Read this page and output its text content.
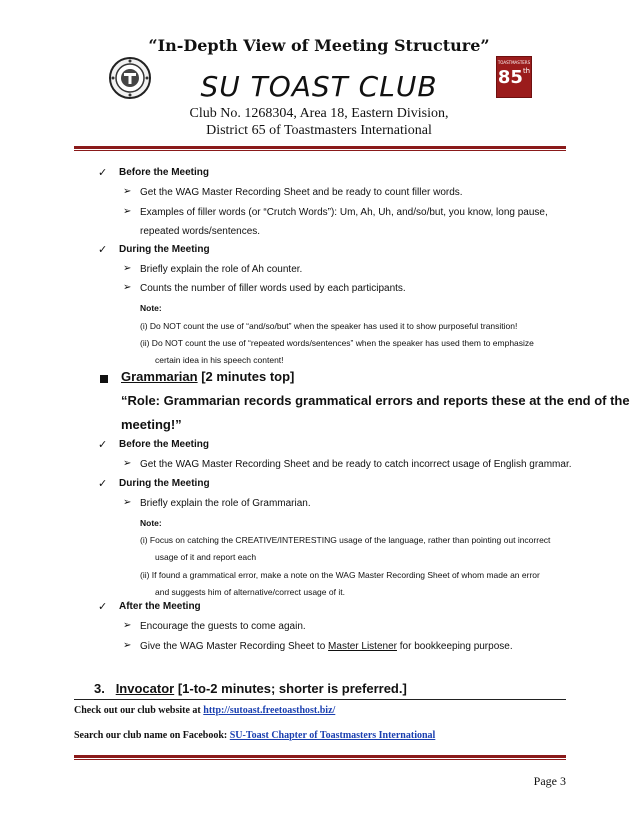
“In-Depth View of Meeting Structure”
SU TOAST CLUB
TOASTMASTERS
85th
Club No. 1268304, Area 18, Eastern Division,
District 65 of Toastmasters International
✓ Before the Meeting
➢ Get the WAG Master Recording Sheet and be ready to count filler words.
➢ Examples of filler words (or “Crutch Words”): Um, Ah, Uh, and/so/but, you know, long pause,
repeated words/sentences.
✓ During the Meeting
➢ Briefly explain the role of Ah counter.
➢ Counts the number of filler words used by each participants.
Note:
(i) Do NOT count the use of “and/so/but” when the speaker has used it to show purposeful transition!
(ii) Do NOT count the use of “repeated words/sentences” when the speaker has used them to emphasize
certain idea in his speech content!
Grammarian [2 minutes top]
“Role: Grammarian records grammatical errors and reports these at the end of the
meeting!”
✓ Before the Meeting
➢ Get the WAG Master Recording Sheet and be ready to catch incorrect usage of English grammar.
✓ During the Meeting
➢ Briefly explain the role of Grammarian.
Note:
(i) Focus on catching the CREATIVE/INTERESTING usage of the language, rather than pointing out incorrect
usage of it and report each
(ii) If found a grammatical error, make a note on the WAG Master Recording Sheet of whom made an error
and suggests him of alternative/correct usage of it.
✓ After the Meeting
➢ Encourage the guests to come again.
➢ Give the WAG Master Recording Sheet to Master Listener for bookkeeping purpose.
3. Invocator [1-to-2 minutes; shorter is preferred.]
Check out our club website at http://sutoast.freetoasthost.biz/
Search our club name on Facebook: SU-Toast Chapter of Toastmasters International
Page 3
